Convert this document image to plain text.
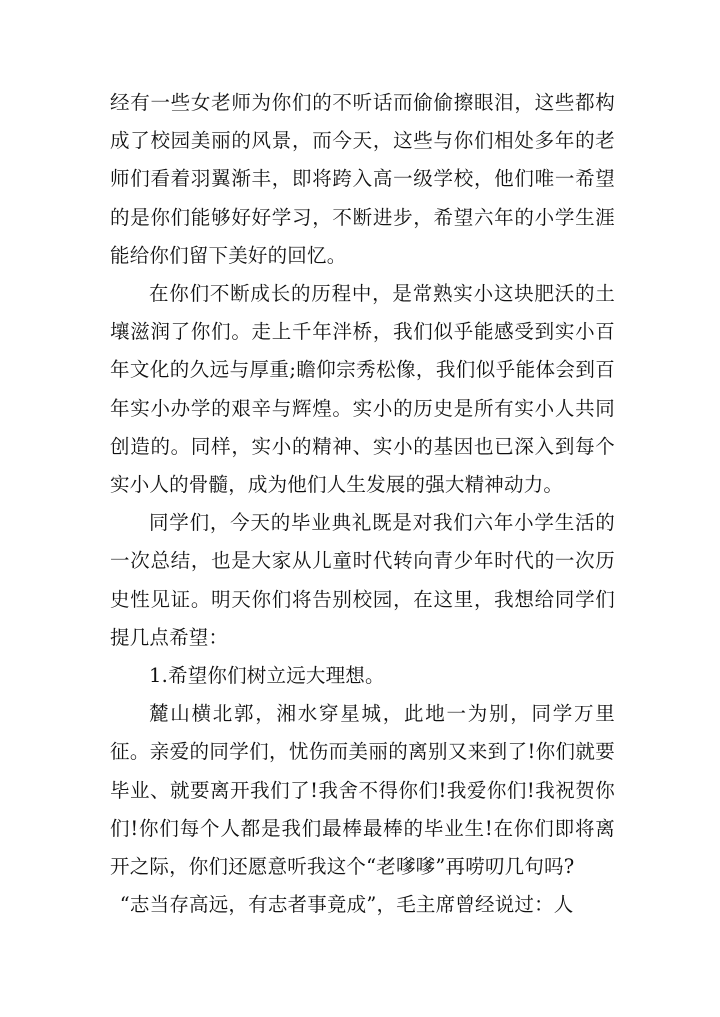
经有一些女老师为你们的不听话而偷偷擦眼泪，这些都构成了校园美丽的风景，而今天，这些与你们相处多年的老师们看着羽翼渐丰，即将跨入高一级学校，他们唯一希望的是你们能够好好学习，不断进步，希望六年的小学生涯能给你们留下美好的回忆。

在你们不断成长的历程中，是常熟实小这块肥沃的土壤滋润了你们。走上千年泮桥，我们似乎能感受到实小百年文化的久远与厚重;瞻仰宗秀松像，我们似乎能体会到百年实小办学的艰辛与辉煌。实小的历史是所有实小人共同创造的。同样，实小的精神、实小的基因也已深入到每个实小人的骨髓，成为他们人生发展的强大精神动力。

同学们，今天的毕业典礼既是对我们六年小学生活的一次总结，也是大家从儿童时代转向青少年时代的一次历史性见证。明天你们将告别校园，在这里，我想给同学们提几点希望：

1.希望你们树立远大理想。

麓山横北郭，湘水穿星城，此地一为别，同学万里征。亲爱的同学们，忧伤而美丽的离别又来到了!你们就要毕业、就要离开我们了!我舍不得你们!我爱你们!我祝贺你们!你们每个人都是我们最棒最棒的毕业生!在你们即将离开之际，你们还愿意听我这个“老嗲嗲”再唠叨几句吗?

“志当存高远，有志者事竟成”，毛主席曾经说过：人
